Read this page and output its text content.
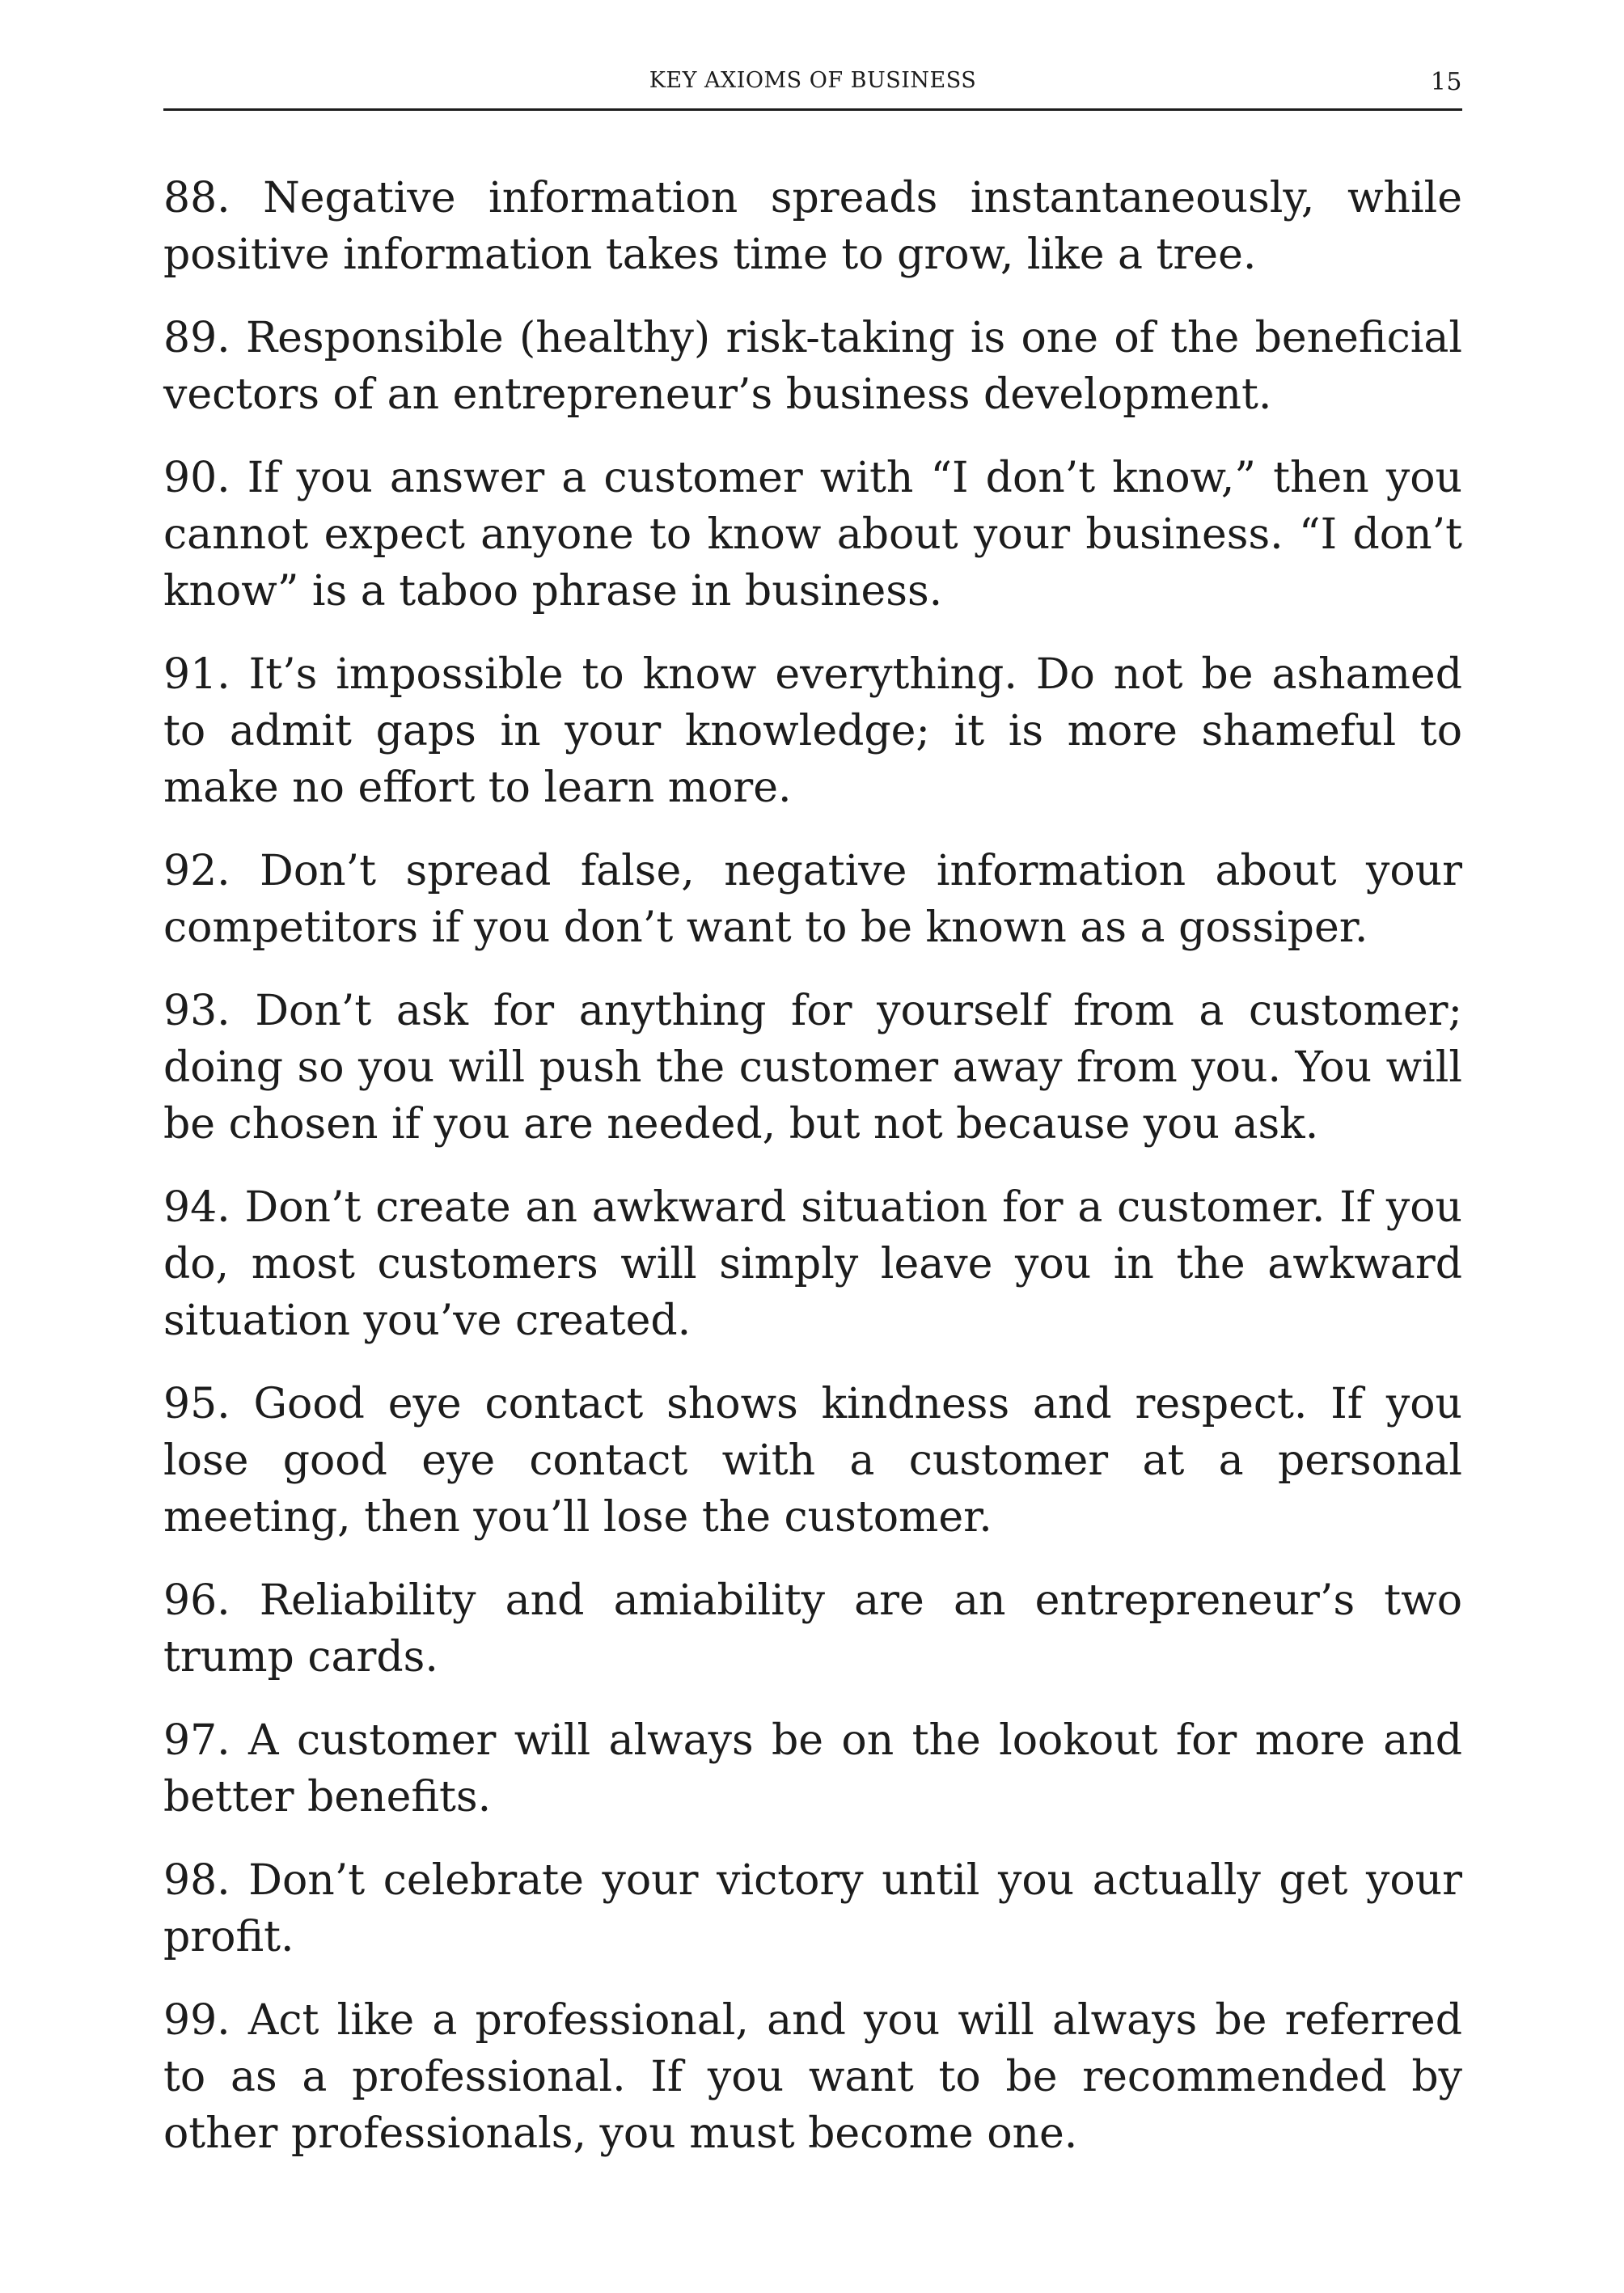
KEY AXIOMS OF BUSINESS	15

88. Negative information spreads instantaneously, while positive information takes time to grow, like a tree.

89. Responsible (healthy) risk-taking is one of the beneficial vectors of an entrepreneur’s business development.

90. If you answer a customer with “I don’t know,” then you cannot expect anyone to know about your business. “I don’t know” is a taboo phrase in business.

91. It’s impossible to know everything. Do not be ashamed to admit gaps in your knowledge; it is more shameful to make no effort to learn more.

92. Don’t spread false, negative information about your competitors if you don’t want to be known as a gossiper.

93. Don’t ask for anything for yourself from a customer; doing so you will push the customer away from you. You will be chosen if you are needed, but not because you ask.

94. Don’t create an awkward situation for a customer. If you do, most customers will simply leave you in the awkward situation you’ve created.

95. Good eye contact shows kindness and respect. If you lose good eye contact with a customer at a personal meeting, then you’ll lose the customer.

96. Reliability and amiability are an entrepreneur’s two trump cards.

97. A customer will always be on the lookout for more and better benefits.

98. Don’t celebrate your victory until you actually get your profit.

99. Act like a professional, and you will always be referred to as a professional. If you want to be recommended by other professionals, you must become one.
